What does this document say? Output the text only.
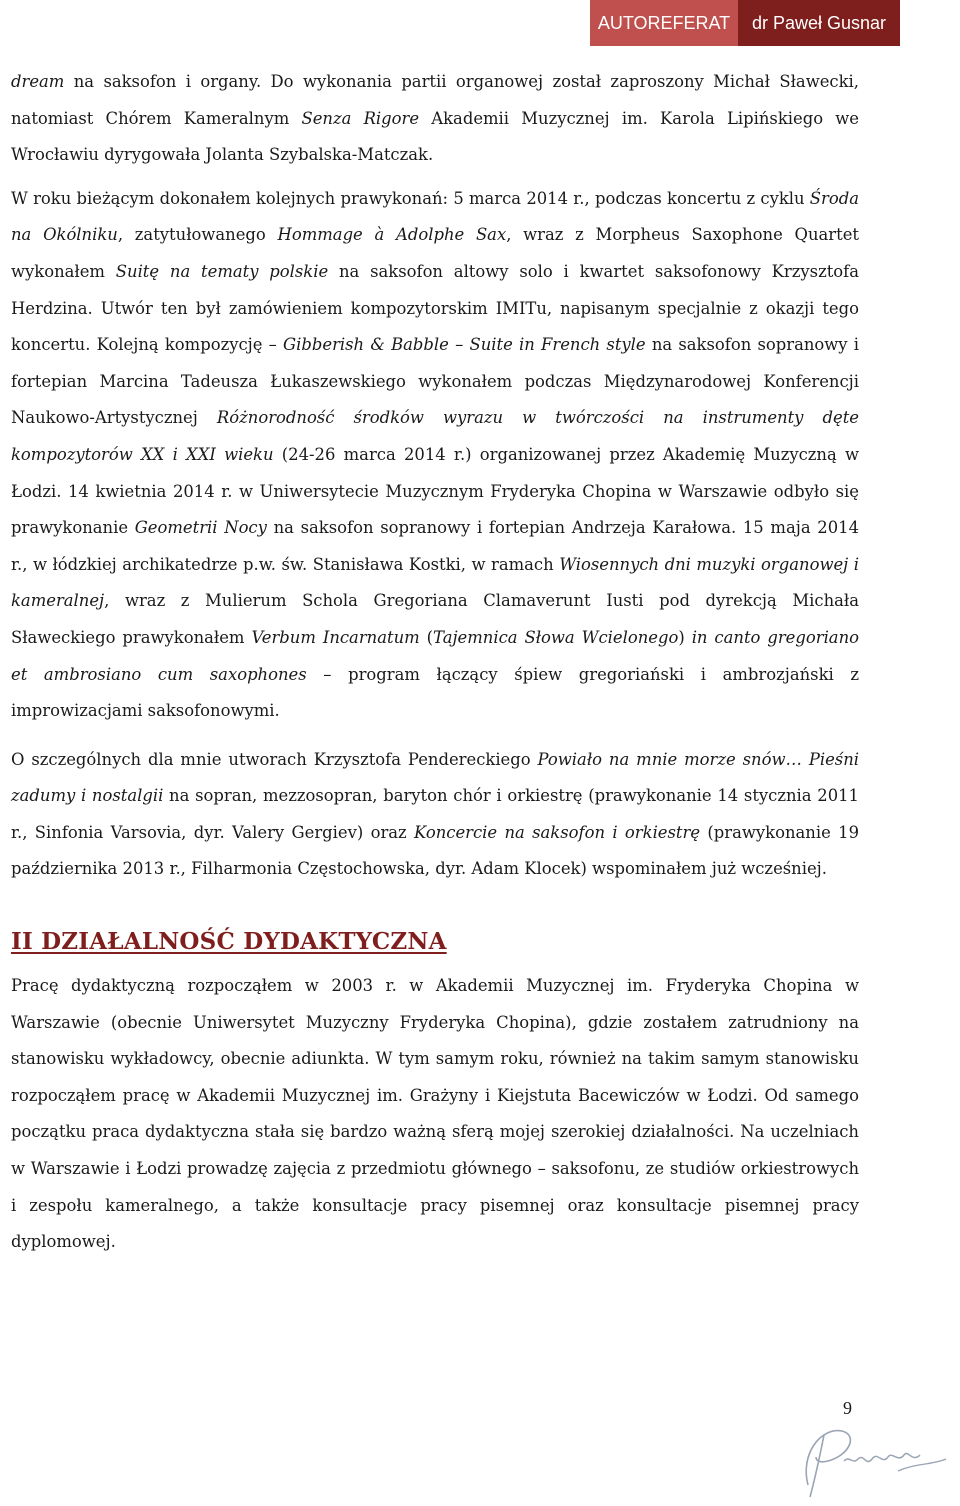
AUTOREFERAT	dr Paweł Gusnar

dream na saksofon i organy. Do wykonania partii organowej został zaproszony Michał Sławecki, natomiast Chórem Kameralnym Senza Rigore Akademii Muzycznej im. Karola Lipińskiego we Wrocławiu dyrygowała Jolanta Szybalska-Matczak.

W roku bieżącym dokonałem kolejnych prawykonań: 5 marca 2014 r., podczas koncertu z cyklu Środa na Okólniku, zatytułowanego Hommage à Adolphe Sax, wraz z Morpheus Saxophone Quartet wykonałem Suitę na tematy polskie na saksofon altowy solo i kwartet saksofonowy Krzysztofa Herdzina. Utwór ten był zamówieniem kompozytorskim IMITu, napisanym specjalnie z okazji tego koncertu. Kolejną kompozycję – Gibberish & Babble – Suite in French style na saksofon sopranowy i fortepian Marcina Tadeusza Łukaszewskiego wykonałem podczas Międzynarodowej Konferencji Naukowo-Artystycznej Różnorodność środków wyrazu w twórczości na instrumenty dęte kompozytorów XX i XXI wieku (24-26 marca 2014 r.) organizowanej przez Akademię Muzyczną w Łodzi. 14 kwietnia 2014 r. w Uniwersytecie Muzycznym Fryderyka Chopina w Warszawie odbyło się prawykonanie Geometrii Nocy na saksofon sopranowy i fortepian Andrzeja Karałowa. 15 maja 2014 r., w łódzkiej archikatedrze p.w. św. Stanisława Kostki, w ramach Wiosennych dni muzyki organowej i kameralnej, wraz z Mulierum Schola Gregoriana Clamaverunt Iusti pod dyrekcją Michała Sławeckiego prawykonałem Verbum Incarnatum (Tajemnica Słowa Wcielonego) in canto gregoriano et ambrosiano cum saxophones – program łączący śpiew gregoriański i ambrozjański z improwizacjami saksofonowymi.

O szczególnych dla mnie utworach Krzysztofa Pendereckiego Powiało na mnie morze snów… Pieśni zadumy i nostalgii na sopran, mezzosopran, baryton chór i orkiestrę (prawykonanie 14 stycznia 2011 r., Sinfonia Varsovia, dyr. Valery Gergiev) oraz Koncercie na saksofon i orkiestrę (prawykonanie 19 października 2013 r., Filharmonia Częstochowska, dyr. Adam Klocek) wspominałem już wcześniej.

II DZIAŁALNOŚĆ DYDAKTYCZNA

Pracę dydaktyczną rozpocząłem w 2003 r. w Akademii Muzycznej im. Fryderyka Chopina w Warszawie (obecnie Uniwersytet Muzyczny Fryderyka Chopina), gdzie zostałem zatrudniony na stanowisku wykładowcy, obecnie adiunkta. W tym samym roku, również na takim samym stanowisku rozpocząłem pracę w Akademii Muzycznej im. Grażyny i Kiejstuta Bacewiczów w Łodzi. Od samego początku praca dydaktyczna stała się bardzo ważną sferą mojej szerokiej działalności. Na uczelniach w Warszawie i Łodzi prowadzę zajęcia z przedmiotu głównego – saksofonu, ze studiów orkiestrowych i zespołu kameralnego, a także konsultacje pracy pisemnej oraz konsultacje pisemnej pracy dyplomowej.

9
